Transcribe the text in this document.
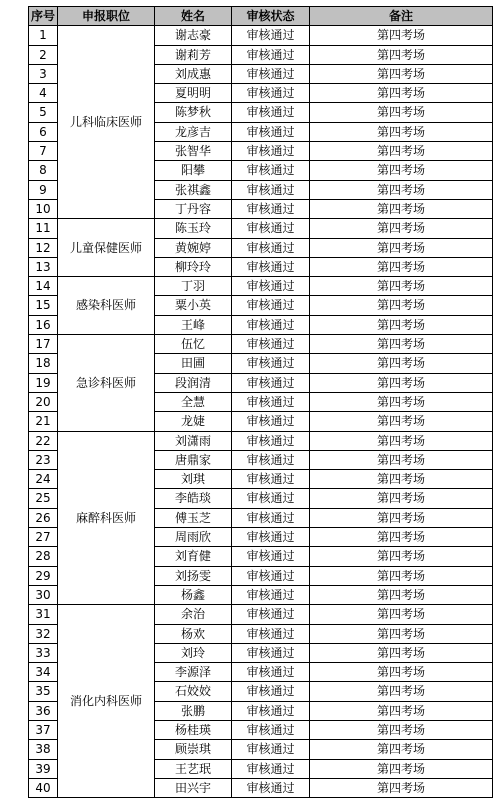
序号	申报职位	姓名	审核状态	备注
1	儿科临床医师	谢志豪	审核通过	第四考场
2		谢莉芳	审核通过	第四考场
3		刘成惠	审核通过	第四考场
4		夏明明	审核通过	第四考场
5		陈梦秋	审核通过	第四考场
6		龙彦吉	审核通过	第四考场
7		张智华	审核通过	第四考场
8		阳攀	审核通过	第四考场
9		张祺鑫	审核通过	第四考场
10		丁丹容	审核通过	第四考场
11	儿童保健医师	陈玉玲	审核通过	第四考场
12		黄婉婷	审核通过	第四考场
13		柳玲玲	审核通过	第四考场
14	感染科医师	丁羽	审核通过	第四考场
15		粟小英	审核通过	第四考场
16		王峰	审核通过	第四考场
17	急诊科医师	伍忆	审核通过	第四考场
18		田圃	审核通过	第四考场
19		段润清	审核通过	第四考场
20		全慧	审核通过	第四考场
21		龙婕	审核通过	第四考场
22	麻醉科医师	刘潇雨	审核通过	第四考场
23		唐鼎家	审核通过	第四考场
24		刘琪	审核通过	第四考场
25		李皓琰	审核通过	第四考场
26		傅玉芝	审核通过	第四考场
27		周雨欣	审核通过	第四考场
28		刘育健	审核通过	第四考场
29		刘扬雯	审核通过	第四考场
30		杨鑫	审核通过	第四考场
31	消化内科医师	余治	审核通过	第四考场
32		杨欢	审核通过	第四考场
33		刘玲	审核通过	第四考场
34		李源泽	审核通过	第四考场
35		石姣姣	审核通过	第四考场
36		张鹏	审核通过	第四考场
37		杨桂瑛	审核通过	第四考场
38		顾崇琪	审核通过	第四考场
39		王艺珉	审核通过	第四考场
40		田兴宇	审核通过	第四考场
